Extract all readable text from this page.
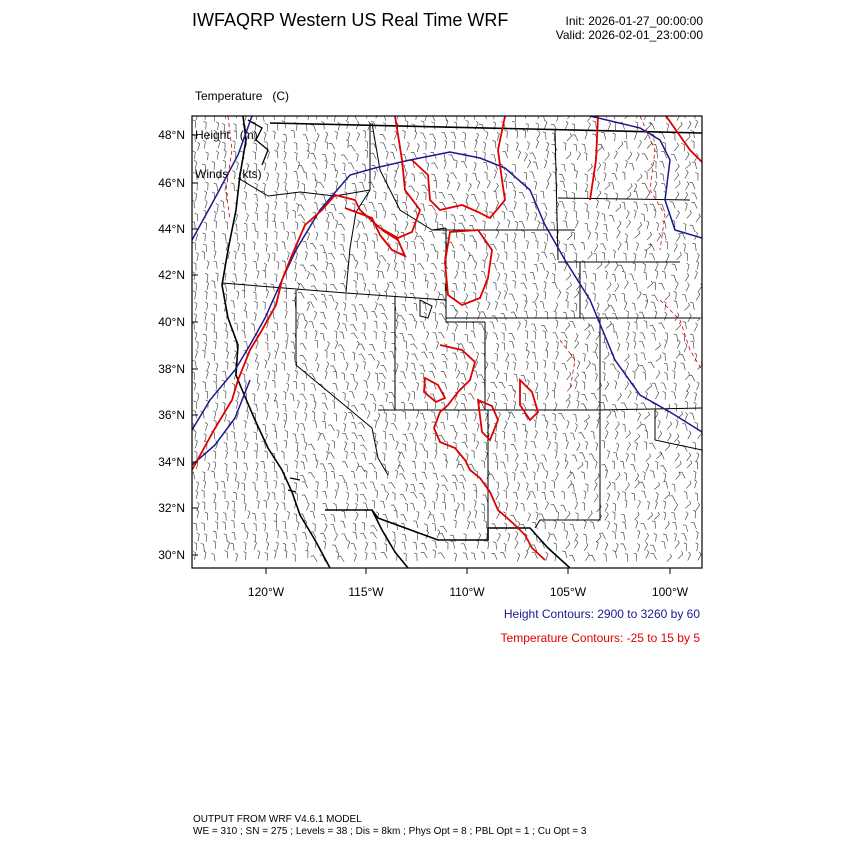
IWFAQRP Western US Real Time WRF	Init: 2026-01-27_00:00:00
Valid: 2026-02-01_23:00:00

Temperature   (C)

Height   (m)

Winds   (kts)

48°N
46°N
44°N
42°N
40°N
38°N
36°N
34°N
32°N
30°N
120°W	115°W	110°W	105°W	100°W
Height Contours: 2900 to 3260 by 60
Temperature Contours: -25 to 15 by 5
OUTPUT FROM WRF V4.6.1 MODEL
WE = 310 ; SN = 275 ; Levels = 38 ; Dis = 8km ; Phys Opt = 8 ; PBL Opt = 1 ; Cu Opt = 3
